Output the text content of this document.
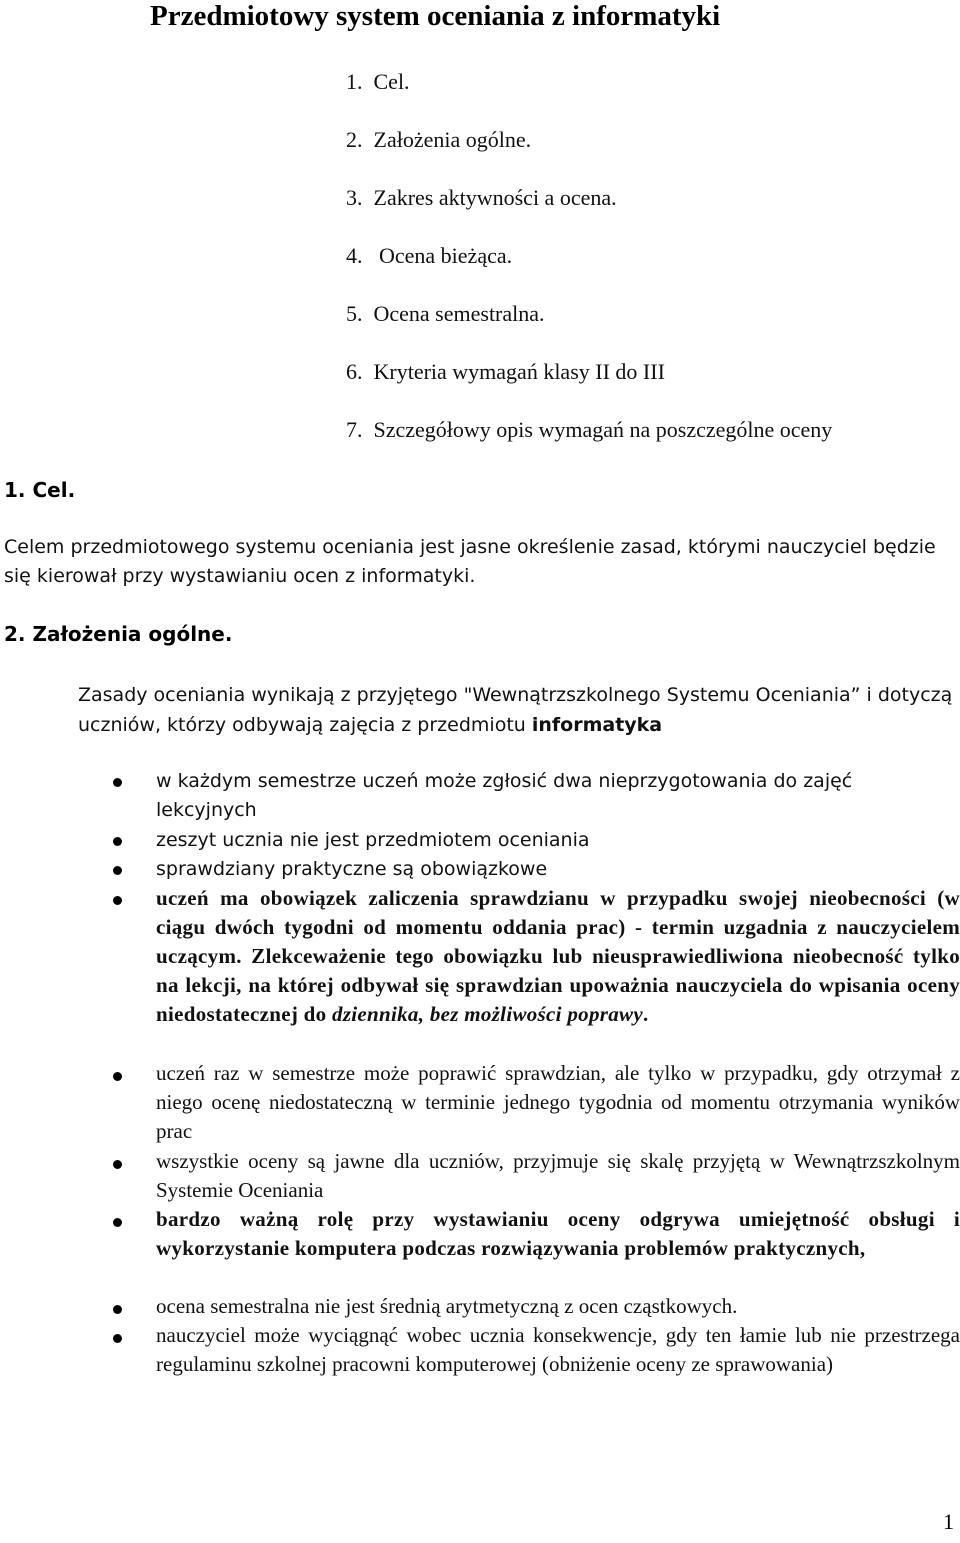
Przedmiotowy system oceniania z informatyki
1. Cel.
2. Założenia ogólne.
3. Zakres aktywności a ocena.
4.   Ocena bieżąca.
5. Ocena semestralna.
6. Kryteria wymagań klasy II do III
7. Szczegółowy opis wymagań na poszczególne oceny
1. Cel.
Celem przedmiotowego systemu oceniania jest jasne określenie zasad, którymi nauczyciel będzie się kierował przy wystawianiu ocen z informatyki.
2. Założenia ogólne.
Zasady oceniania wynikają z przyjętego "Wewnątrzszkolnego Systemu Oceniania” i dotyczą uczniów, którzy odbywają zajęcia z przedmiotu informatyka
w każdym semestrze uczeń może zgłosić dwa nieprzygotowania do zajęć lekcyjnych
zeszyt ucznia nie jest przedmiotem oceniania
sprawdziany praktyczne są obowiązkowe
uczeń ma obowiązek zaliczenia sprawdzianu w przypadku swojej nieobecności (w ciągu dwóch tygodni od momentu oddania prac) - termin uzgadnia z nauczycielem uczącym. Zlekceważenie tego obowiązku lub nieusprawiedliwiona nieobecność tylko na lekcji, na której odbywał się sprawdzian upoważnia nauczyciela do wpisania oceny niedostatecznej do dziennika, bez możliwości poprawy.
uczeń raz w semestrze może poprawić sprawdzian, ale tylko w przypadku, gdy otrzymał z niego ocenę niedostateczną w terminie jednego tygodnia od momentu otrzymania wyników prac
wszystkie oceny są jawne dla uczniów, przyjmuje się skalę przyjętą w Wewnątrzszkolnym Systemie Oceniania
bardzo ważną rolę przy wystawianiu oceny odgrywa umiejętność obsługi i wykorzystanie komputera podczas rozwiązywania problemów praktycznych,
ocena semestralna nie jest średnią arytmetyczną z ocen cząstkowych.
nauczyciel może wyciągnąć wobec ucznia konsekwencje, gdy ten łamie lub nie przestrzega regulaminu szkolnej pracowni komputerowej (obniżenie oceny ze sprawowania)
1
